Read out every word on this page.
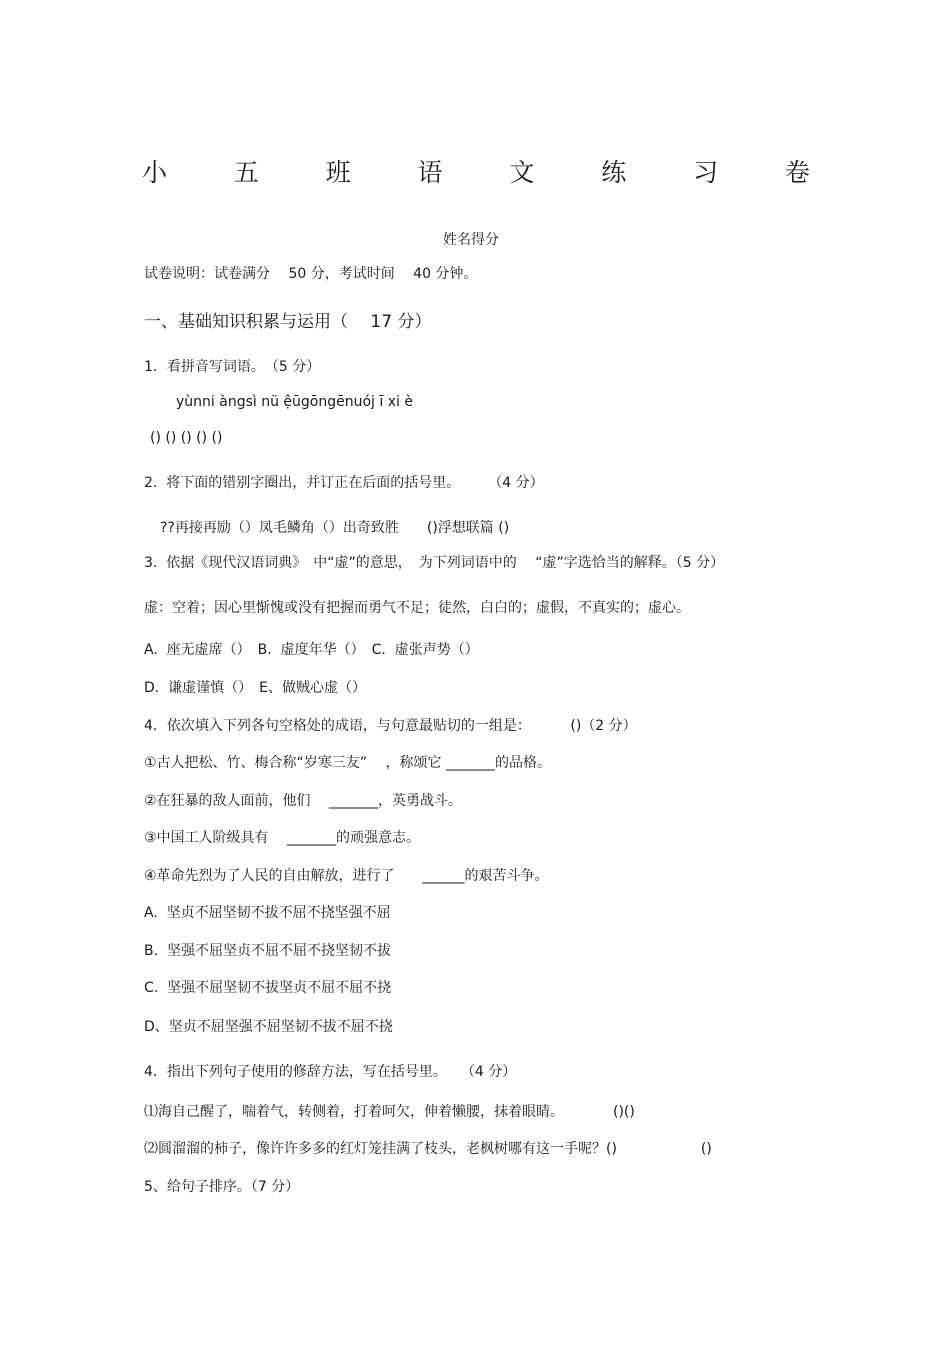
小	五	班	语	文	练	习	卷
姓名得分
试卷说明：试卷满分　 50 分，考试时间　 40 分钟。
一、基础知识积累与运用（　 17 分）
1．看拼音写词语。　（5 分）
yùnni àngsì nü ệūgōngēnuój ī xi è
() () () () ()
2.  将下面的错别字圈出，并订正在后面的括号里。　　　（4 分）
??再接再励（）凤毛鳞角（）出奇致胜　　()浮想联篇 ()
3.  依据《现代汉语词典》　中“虚”的意思，　为下列词语中的　 “虚”字选恰当的解释。（5 分）
虚：空着；因心里惭愧或没有把握而勇气不足；徒然，白白的；虚假，不真实的；虚心。
A.  座无虚席（）　B.  虚度年华（）　C.  虚张声势（）
D.  谦虚谨慎（）　E、做贼心虚（）
4．依次填入下列各句空格处的成语，与句意最贴切的一组是：　　　 ()（2 分）
①古人把松、竹、梅合称“岁寒三友”　 ，称颂它 _______的品格。
②在狂暴的敌人面前，他们　 _______，英勇战斗。
③中国工人阶级具有　 _______的顽强意志。
④革命先烈为了人民的自由解放，进行了　　______的艰苦斗争。
A.  坚贞不屈坚韧不拔不屈不挠坚强不屈
B.  坚强不屈坚贞不屈不屈不挠坚韧不拔
C.  坚强不屈坚韧不拔坚贞不屈不屈不挠
D、坚贞不屈坚强不屈坚韧不拔不屈不挠
4．指出下列句子使用的修辞方法，写在括号里。　　（4 分）
⑴海自己醒了，喘着气，转侧着，打着呵欠，伸着懒腰，抹着眼睛。　　　　()()
⑵圆溜溜的柿子，像许许多多的红灯笼挂满了枝头，老枫树哪有这一手呢？()　　　　　　()
5、给句子排序。（7 分）
